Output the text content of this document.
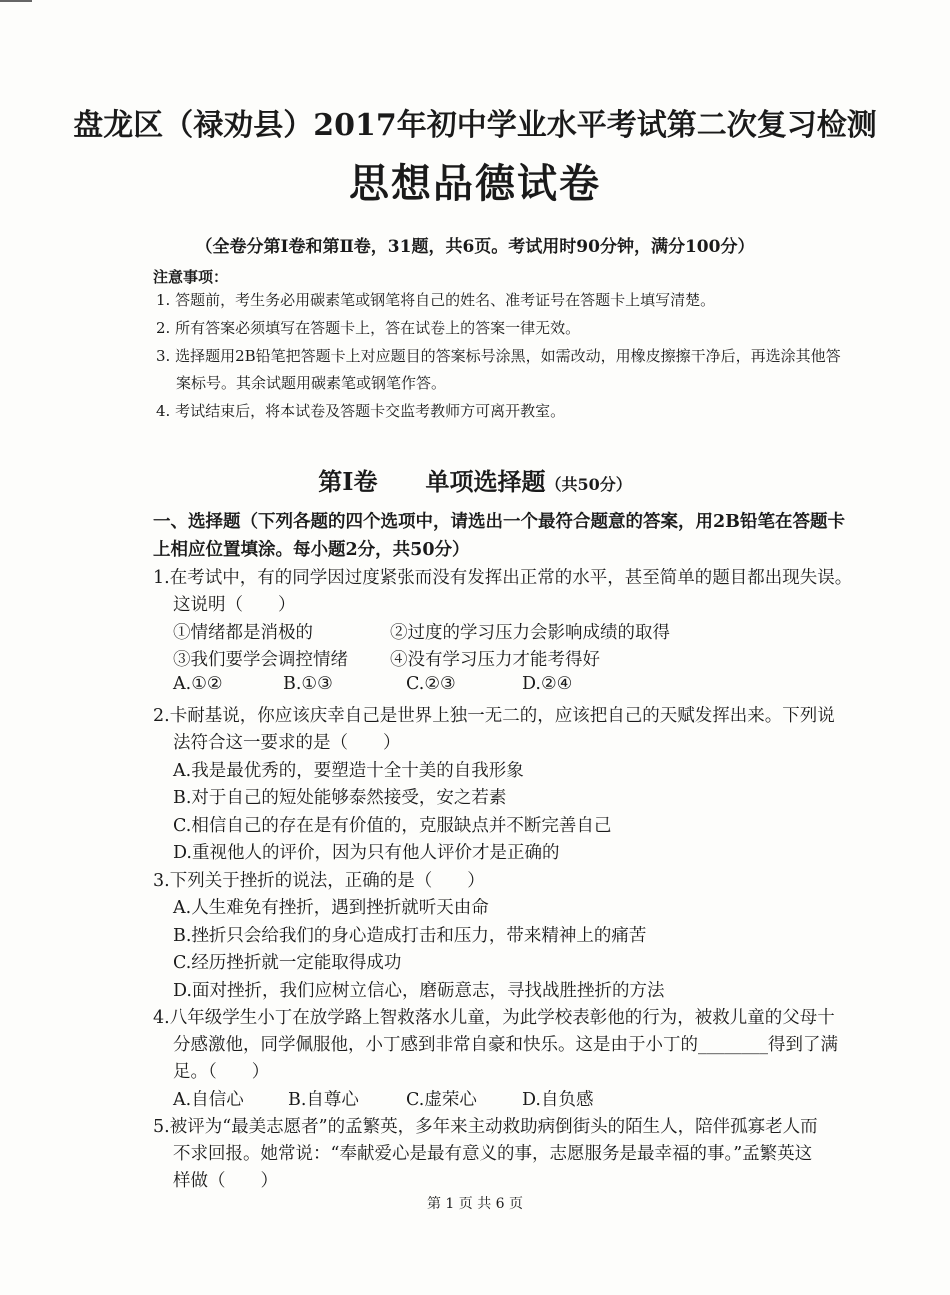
盘龙区（禄劝县）2017年初中学业水平考试第二次复习检测
思想品德试卷
（全卷分第Ⅰ卷和第Ⅱ卷，31题，共6页。考试用时90分钟，满分100分）
注意事项：
1. 答题前，考生务必用碳素笔或钢笔将自己的姓名、准考证号在答题卡上填写清楚。
2. 所有答案必须填写在答题卡上，答在试卷上的答案一律无效。
3. 选择题用2B铅笔把答题卡上对应题目的答案标号涂黑，如需改动，用橡皮擦擦干净后，再选涂其他答
案标号。其余试题用碳素笔或钢笔作答。
4. 考试结束后，将本试卷及答题卡交监考教师方可离开教室。
第Ⅰ卷　　单项选择题（共50分）
一、选择题（下列各题的四个选项中，请选出一个最符合题意的答案，用2B铅笔在答题卡
上相应位置填涂。每小题2分，共50分）
1.在考试中，有的同学因过度紧张而没有发挥出正常的水平，甚至简单的题目都出现失误。
这说明（　　）
①情绪都是消极的	②过度的学习压力会影响成绩的取得
③我们要学会调控情绪 ④没有学习压力才能考得好
A.①②	B.①③	C.②③	D.②④
2.卡耐基说，你应该庆幸自己是世界上独一无二的，应该把自己的天赋发挥出来。下列说
法符合这一要求的是（　　）
A.我是最优秀的，要塑造十全十美的自我形象
B.对于自己的短处能够泰然接受，安之若素
C.相信自己的存在是有价值的，克服缺点并不断完善自己
D.重视他人的评价，因为只有他人评价才是正确的
3.下列关于挫折的说法，正确的是（　　）
A.人生难免有挫折，遇到挫折就听天由命
B.挫折只会给我们的身心造成打击和压力，带来精神上的痛苦
C.经历挫折就一定能取得成功
D.面对挫折，我们应树立信心，磨砺意志，寻找战胜挫折的方法
4.八年级学生小丁在放学路上智救落水儿童，为此学校表彰他的行为，被救儿童的父母十
分感激他，同学佩服他，小丁感到非常自豪和快乐。这是由于小丁的________得到了满
足。（　　）
A.自信心	B.自尊心	C.虚荣心	D.自负感
5.被评为“最美志愿者”的孟繁英，多年来主动救助病倒街头的陌生人，陪伴孤寡老人而
不求回报。她常说：“奉献爱心是最有意义的事，志愿服务是最幸福的事。”孟繁英这
样做（　　）
第 1 页 共 6 页
